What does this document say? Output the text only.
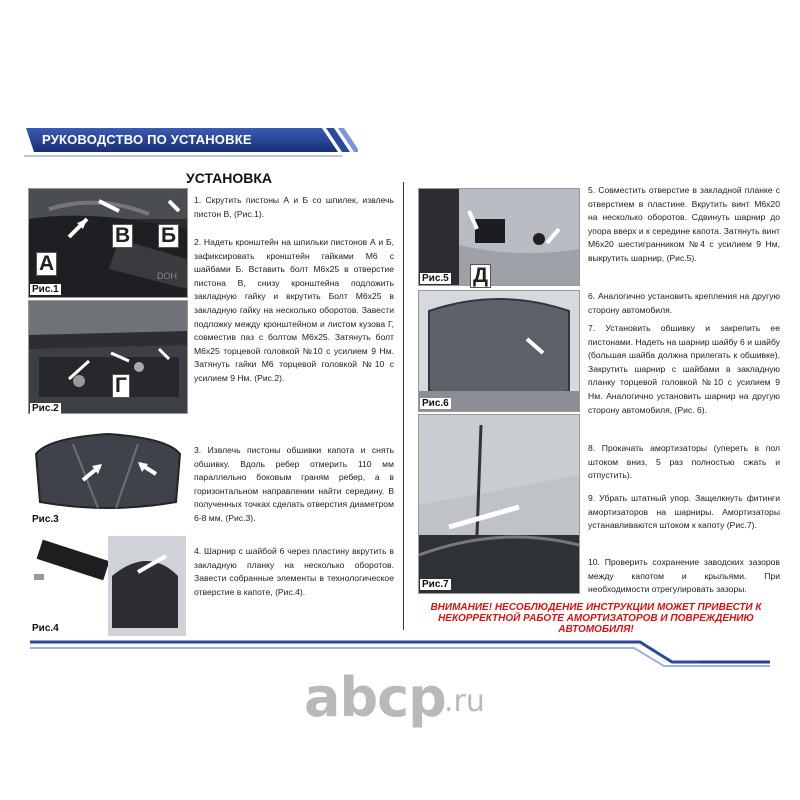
РУКОВОДСТВО ПО УСТАНОВКЕ
УСТАНОВКА
DOH
А
В Б
Рис.1
Г
Рис.2
Рис.3
Рис.4
1. Скрутить пистоны А и Б со шпилек, извлечь пистон В, (Рис.1).
2. Надеть кронштейн на шпильки пистонов А и Б, зафиксировать кронштейн гайками М6 с шайбами Б. Вставить болт М6х25 в отверстие пистона В, снизу кронштейна подложить закладную гайку и вкрутить Болт М6х25 в закладную гайку на несколько оборотов. Завести подложку между кронштейном и листом кузова Г, совместив паз с болтом М6х25. Затянуть болт М6х25 торцевой головкой №10 с усилием 9 Нм. Затянуть гайки М6 торцевой головкой №10 с усилием 9 Нм. (Рис.2).
3. Извлечь пистоны обшивки капота и снять обшивку. Вдоль ребер отмерить 110 мм параллельно боковым граням ребер, а в горизонтальном направлении найти середину. В полученных точках сделать отверстия диаметром 6-8 мм, (Рис.3).
4. Шарнир с шайбой 6 через пластину вкрутить в закладную планку на несколько оборотов. Завести собранные элементы в технологическое отверстие в капоте, (Рис.4).
Д
Рис.5
Рис.6
Рис.7
5. Совместить отверстие в закладной планке с отверстием в пластине. Вкрутить винт М6х20 на несколько оборотов. Сдвинуть шарнир до упора вверх и к середине капота. Затянуть винт М6х20 шестигранником №4 с усилием 9 Нм, выкрутить шарнир, (Рис.5).
6. Аналогично установить крепления на другую сторону автомобиля.
7. Установить обшивку и закрепить ее пистонами. Надеть на шарнир шайбу 6 и шайбу (большая шайба должна прилегать к обшивке). Закрутить шарнир с шайбами в закладную планку торцевой головкой №10 с усилием 9 Нм. Аналогично установить шарнир на другую сторону автомобиля, (Рис. 6).
8. Прокачать амортизаторы (упереть в пол штоком вниз, 5 раз полностью сжать и отпустить).
9. Убрать штатный упор. Защелкнуть фитинги амортизаторов на шарниры. Амортизаторы устанавливаются штоком к капоту (Рис.7).
10. Проверить сохранение заводских зазоров между капотом и крыльями. При необходимости отрегулировать зазоры.
ВНИМАНИЕ! НЕСОБЛЮДЕНИЕ ИНСТРУКЦИИ МОЖЕТ ПРИВЕСТИ К НЕКОРРЕКТНОЙ РАБОТЕ АМОРТИЗАТОРОВ И ПОВРЕЖДЕНИЮ АВТОМОБИЛЯ!
abcp
.ru
